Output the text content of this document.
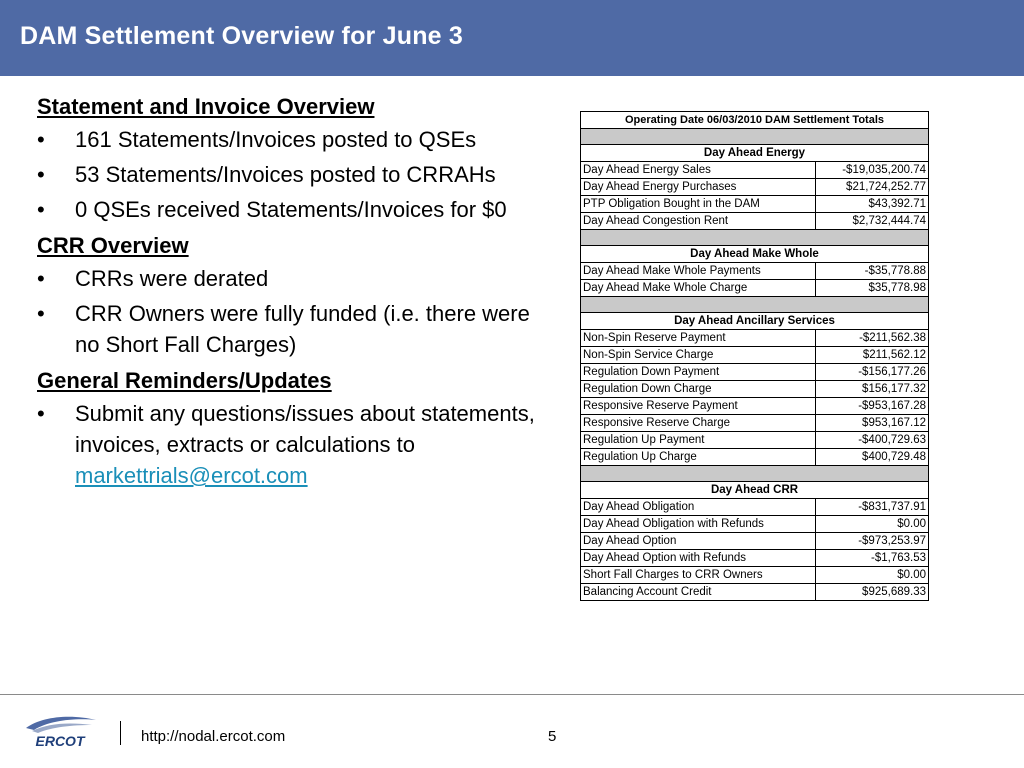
DAM Settlement Overview for June 3

Statement and Invoice Overview

• 161 Statements/Invoices posted to QSEs
• 53 Statements/Invoices posted to CRRAHs
• 0 QSEs received Statements/Invoices for $0

CRR Overview

• CRRs were derated
• CRR Owners were fully funded (i.e. there were no Short Fall Charges)

General Reminders/Updates

• Submit any questions/issues about statements, invoices, extracts or calculations to markettrials@ercot.com
Operating Date 06/03/2010 DAM Settlement Totals	

Day Ahead Energy	
Day Ahead Energy Sales	-$19,035,200.74
Day Ahead Energy Purchases	$21,724,252.77
PTP Obligation Bought in the DAM	$43,392.71
Day Ahead Congestion Rent	$2,732,444.74

Day Ahead Make Whole	
Day Ahead Make Whole Payments	-$35,778.88
Day Ahead Make Whole Charge	$35,778.98

Day Ahead Ancillary Services	
Non-Spin Reserve Payment	-$211,562.38
Non-Spin Service Charge	$211,562.12
Regulation Down Payment	-$156,177.26
Regulation Down Charge	$156,177.32
Responsive Reserve Payment	-$953,167.28
Responsive Reserve Charge	$953,167.12
Regulation Up Payment	-$400,729.63
Regulation Up Charge	$400,729.48

Day Ahead CRR	
Day Ahead Obligation	-$831,737.91
Day Ahead Obligation with Refunds	$0.00
Day Ahead Option	-$973,253.97
Day Ahead Option with Refunds	-$1,763.53
Short Fall Charges to CRR Owners	$0.00
Balancing Account Credit	$925,689.33
ERCOT	http://nodal.ercot.com	5
